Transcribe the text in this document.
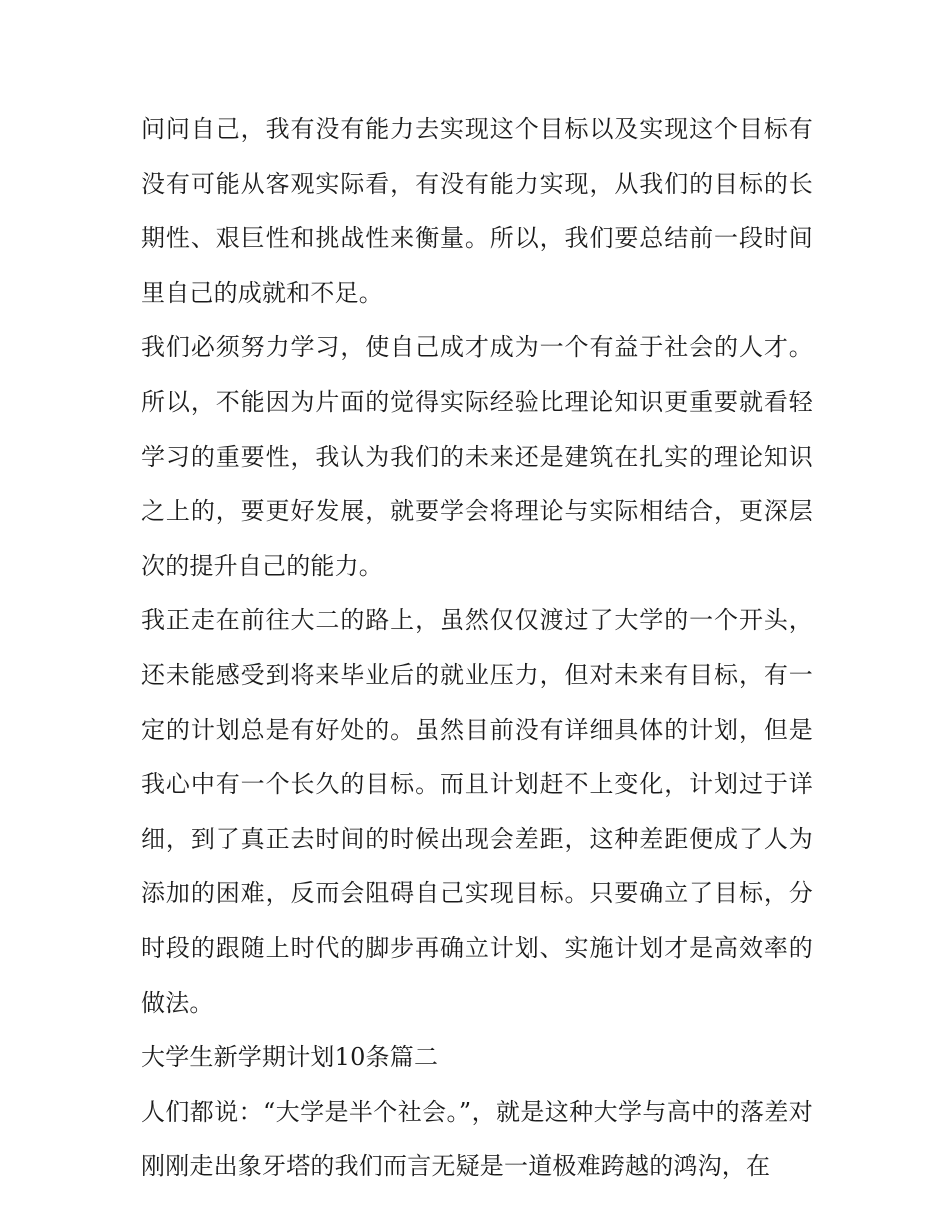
问问自己，我有没有能力去实现这个目标以及实现这个目标有没有可能从客观实际看，有没有能力实现，从我们的目标的长期性、艰巨性和挑战性来衡量。所以，我们要总结前一段时间里自己的成就和不足。

我们必须努力学习，使自己成才成为一个有益于社会的人才。所以，不能因为片面的觉得实际经验比理论知识更重要就看轻学习的重要性，我认为我们的未来还是建筑在扎实的理论知识之上的，要更好发展，就要学会将理论与实际相结合，更深层次的提升自己的能力。

我正走在前往大二的路上，虽然仅仅渡过了大学的一个开头，还未能感受到将来毕业后的就业压力，但对未来有目标，有一定的计划总是有好处的。虽然目前没有详细具体的计划，但是我心中有一个长久的目标。而且计划赶不上变化，计划过于详细，到了真正去时间的时候出现会差距，这种差距便成了人为添加的困难，反而会阻碍自己实现目标。只要确立了目标，分时段的跟随上时代的脚步再确立计划、实施计划才是高效率的做法。

大学生新学期计划10条篇二

人们都说：“大学是半个社会。”，就是这种大学与高中的落差对刚刚走出象牙塔的我们而言无疑是一道极难跨越的鸿沟，在
